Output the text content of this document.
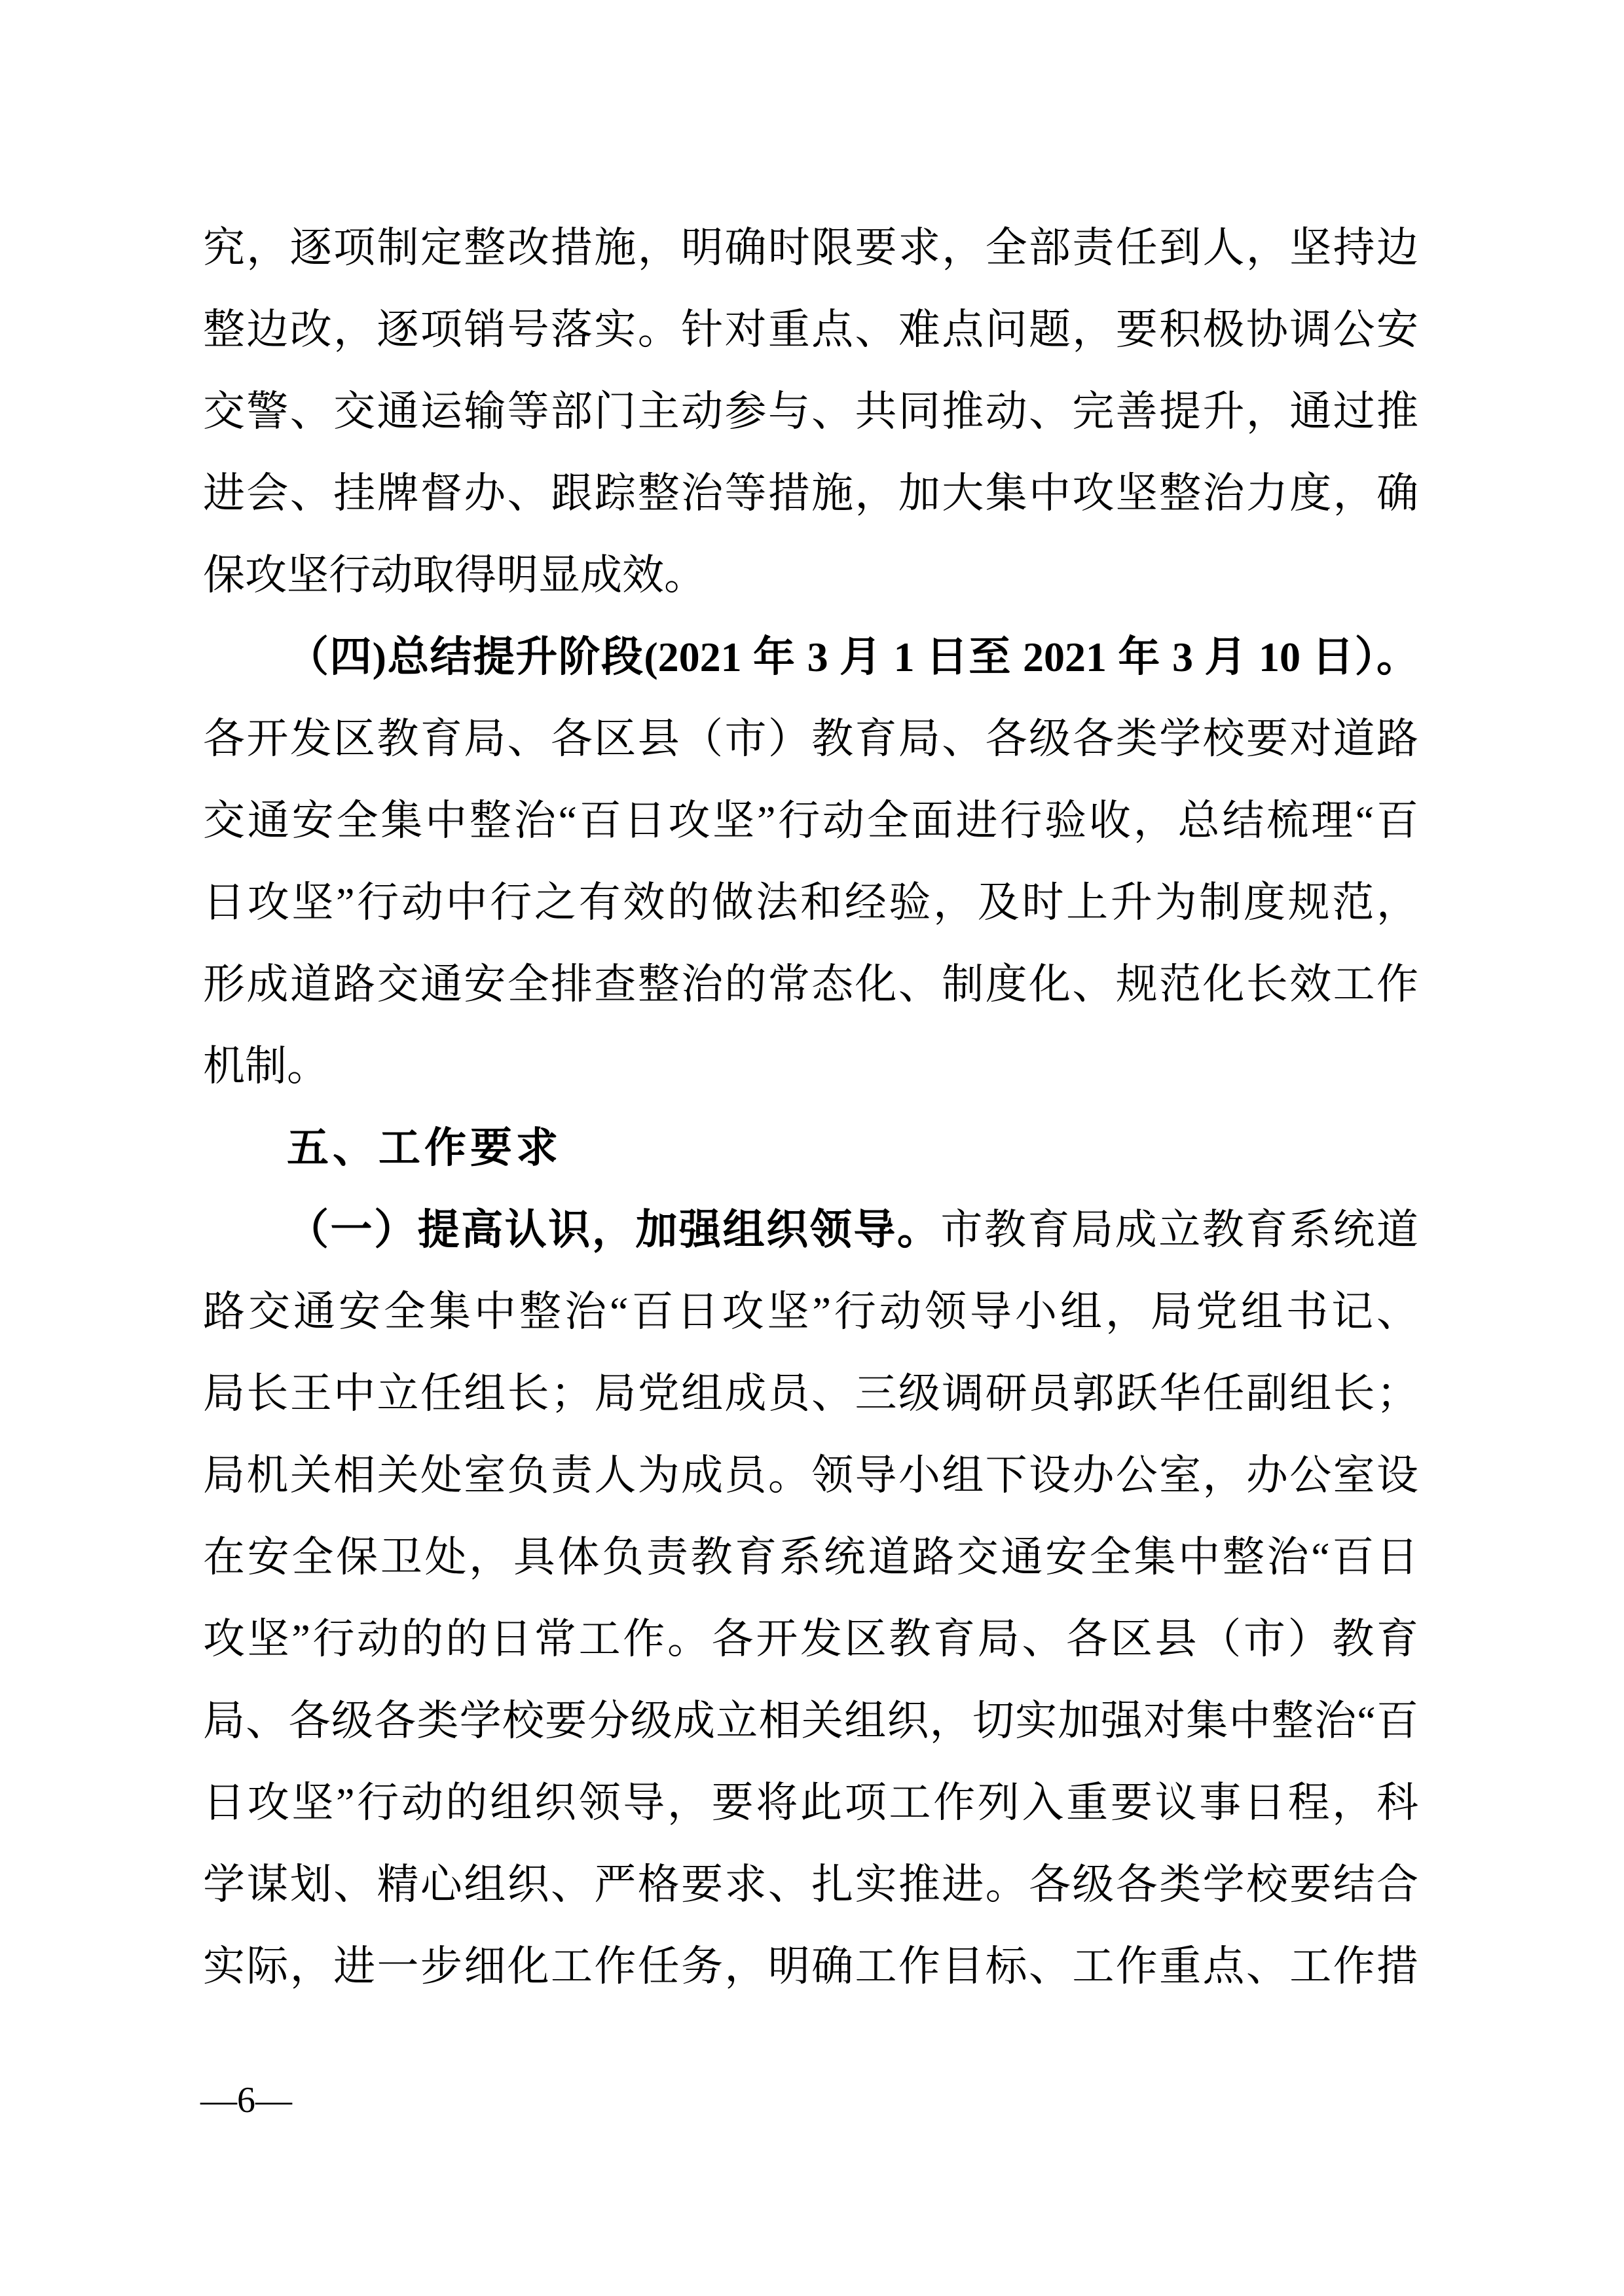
究，逐项制定整改措施，明确时限要求，全部责任到人，坚持边
整边改，逐项销号落实。针对重点、难点问题，要积极协调公安
交警、交通运输等部门主动参与、共同推动、完善提升，通过推
进会、挂牌督办、跟踪整治等措施，加大集中攻坚整治力度，确
保攻坚行动取得明显成效。
（四)总结提升阶段(2021 年 3 月 1 日至 2021 年 3 月 10 日）。
各开发区教育局、各区县（市）教育局、各级各类学校要对道路
交通安全集中整治“百日攻坚”行动全面进行验收，总结梳理“百
日攻坚”行动中行之有效的做法和经验，及时上升为制度规范，
形成道路交通安全排查整治的常态化、制度化、规范化长效工作
机制。
五、工作要求
（一）提高认识，加强组织领导。市教育局成立教育系统道
路交通安全集中整治“百日攻坚”行动领导小组，局党组书记、
局长王中立任组长；局党组成员、三级调研员郭跃华任副组长；
局机关相关处室负责人为成员。领导小组下设办公室，办公室设
在安全保卫处，具体负责教育系统道路交通安全集中整治“百日
攻坚”行动的的日常工作。各开发区教育局、各区县（市）教育
局、各级各类学校要分级成立相关组织，切实加强对集中整治“百
日攻坚”行动的组织领导，要将此项工作列入重要议事日程，科
学谋划、精心组织、严格要求、扎实推进。各级各类学校要结合
实际，进一步细化工作任务，明确工作目标、工作重点、工作措
—6—
